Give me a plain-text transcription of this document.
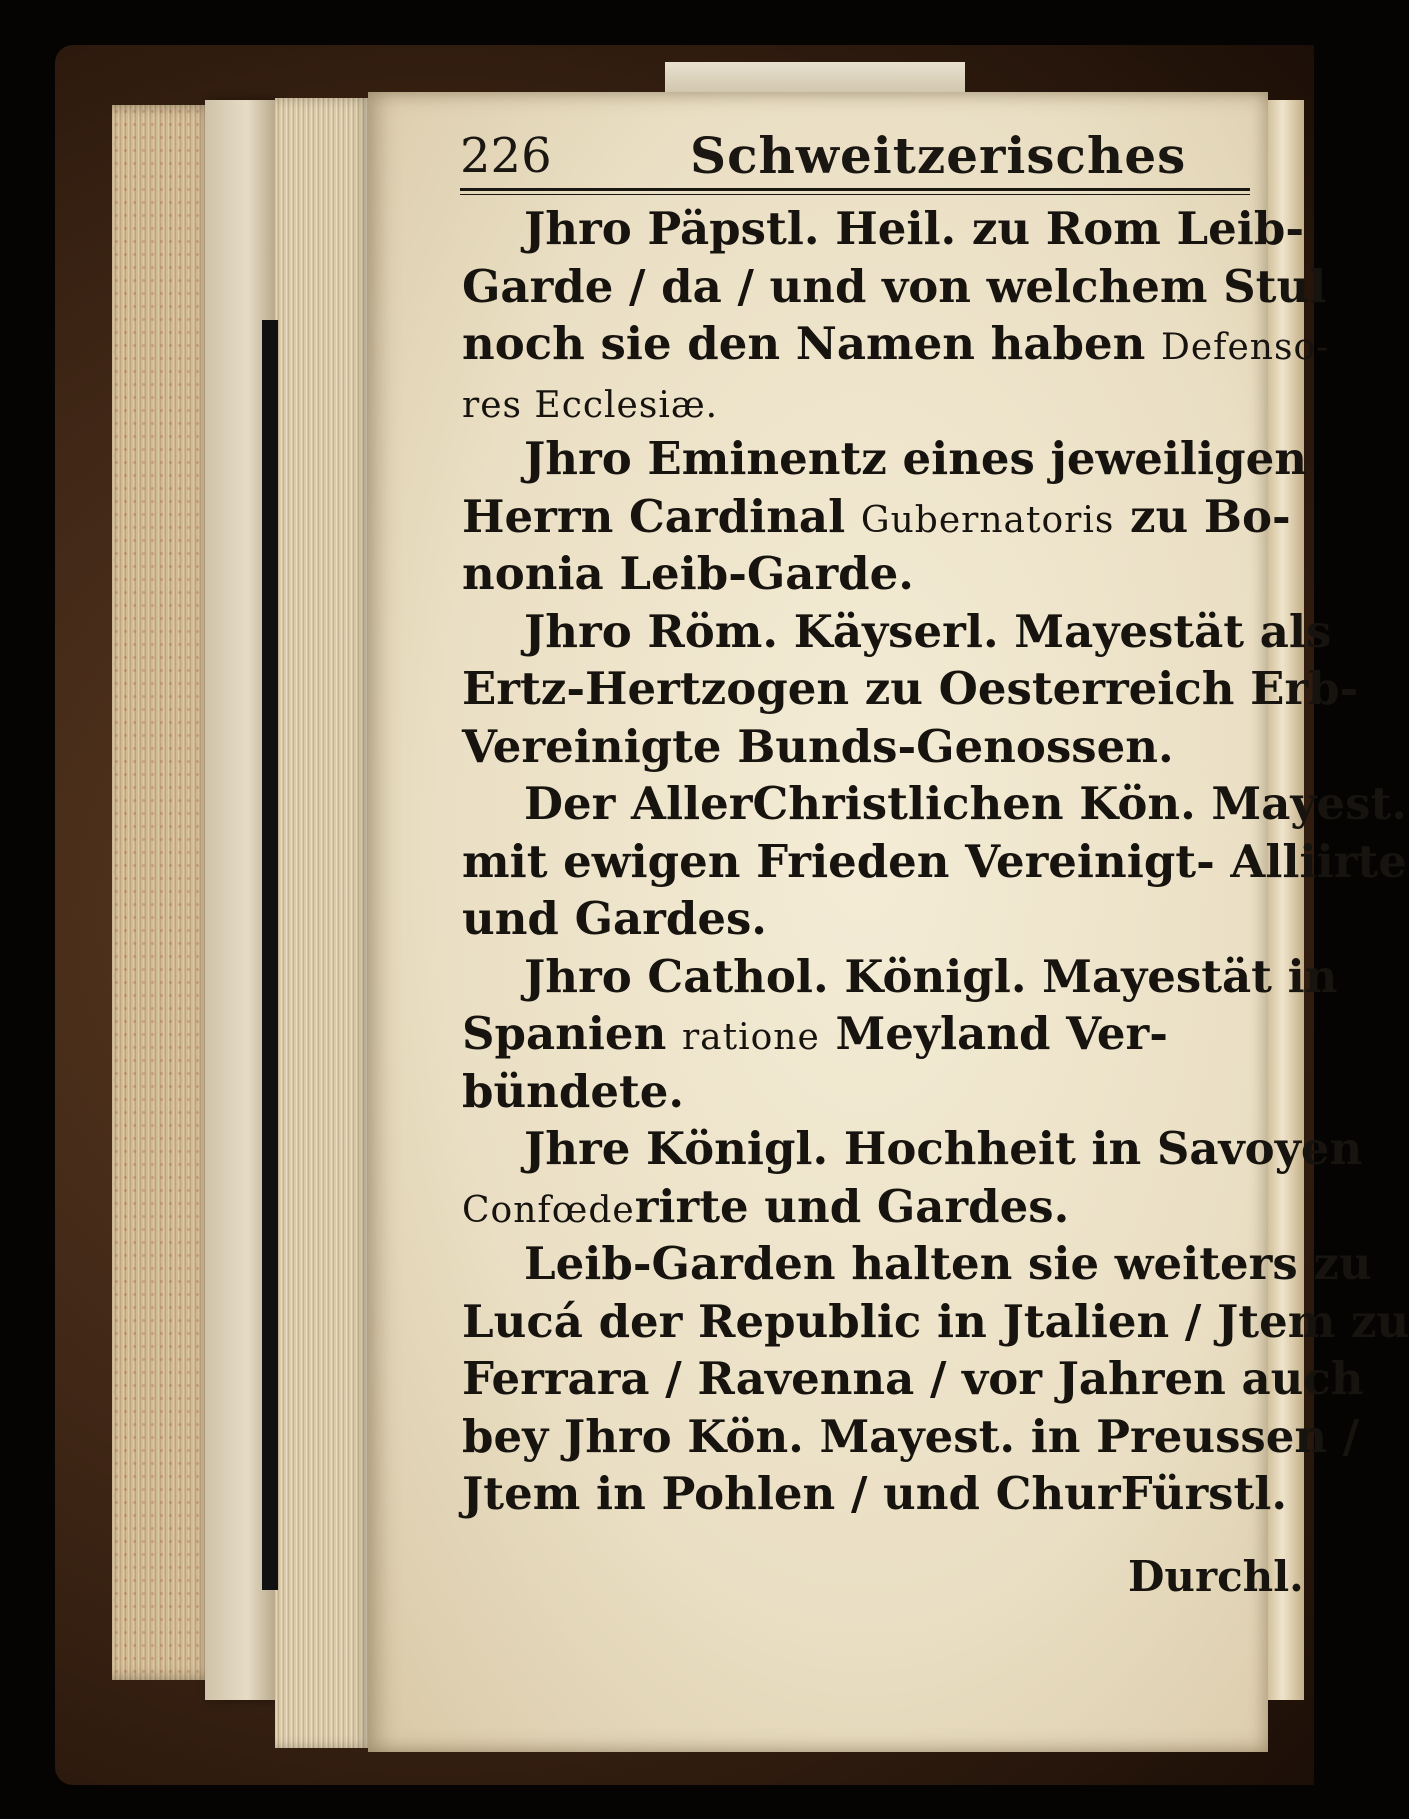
226	Schweitzerisches
Jhro Päpstl. Heil. zu Rom Leib-
Garde / da / und von welchem Stul
noch sie den Namen haben Defenso-
res Ecclesiæ.
Jhro Eminentz eines jeweiligen
Herrn Cardinal Gubernatoris zu Bo-
nonia Leib-Garde.
Jhro Röm. Käyserl. Mayestät als
Ertz-Hertzogen zu Oesterreich Erb-
Vereinigte Bunds-Genossen.
Der AllerChristlichen Kön. Mayest.
mit ewigen Frieden Vereinigt- Alliirte
und Gardes.
Jhro Cathol. Königl. Mayestät in
Spanien ratione Meyland Ver-
bündete.
Jhre Königl. Hochheit in Savoyen
Confœderirte und Gardes.
Leib-Garden halten sie weiters zu
Lucá der Republic in Jtalien / Jtem zu
Ferrara / Ravenna / vor Jahren auch
bey Jhro Kön. Mayest. in Preussen /
Jtem in Pohlen / und ChurFürstl.
Durchl.
